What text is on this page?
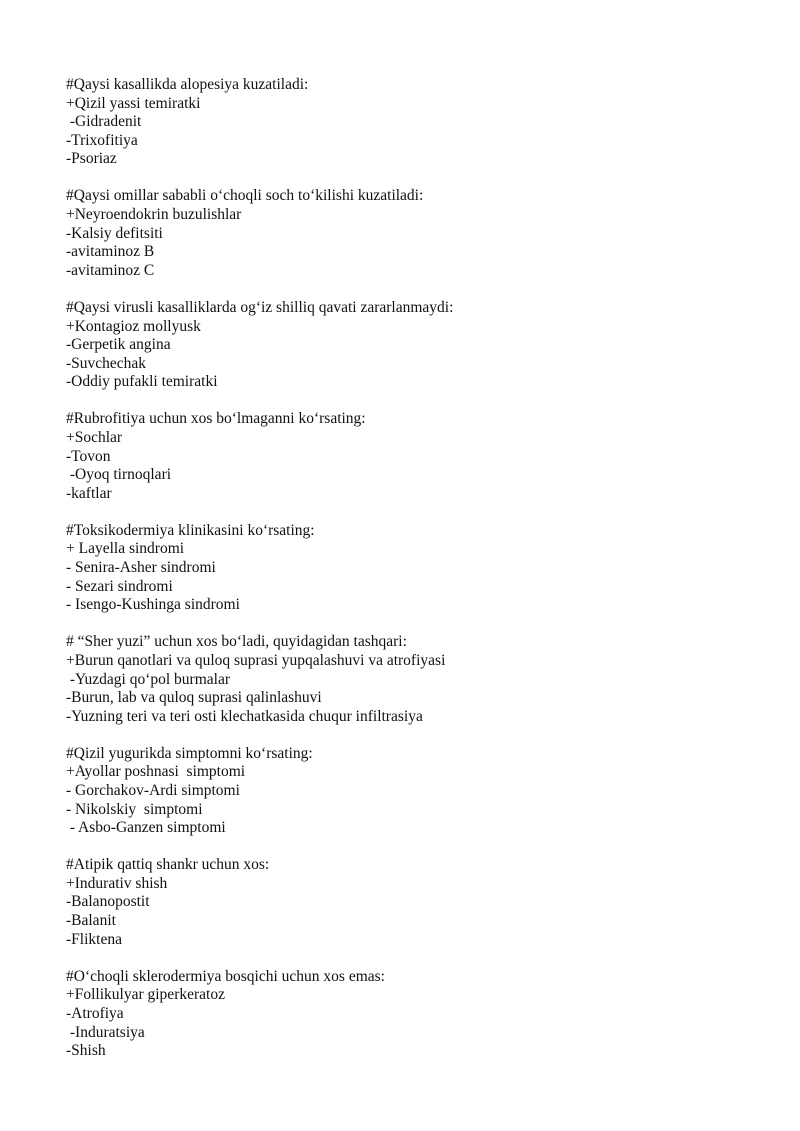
#Qaysi kasallikda alopesiya kuzatiladi:
+Qizil yassi temiratki
-Gidradenit
-Trixofitiya
-Psoriaz
#Qaysi omillar sababli o‘choqli soch to‘kilishi kuzatiladi:
+Neyroendokrin buzulishlar
-Kalsiy defitsiti
-avitaminoz B
-avitaminoz C
#Qaysi virusli kasalliklarda og‘iz shilliq qavati zararlanmaydi:
+Kontagioz mollyusk
-Gerpetik angina
-Suvchechak
-Oddiy pufakli temiratki
#Rubrofitiya uchun xos bo‘lmaganni ko‘rsating:
+Sochlar
-Tovon
-Oyoq tirnoqlari
-kaftlar
#Toksikodermiya klinikasini ko‘rsating:
+ Layella sindromi
- Senira-Asher sindromi
- Sezari sindromi
- Isengo-Kushinga sindromi
# “Sher yuzi” uchun xos bo‘ladi, quyidagidan tashqari:
+Burun qanotlari va quloq suprasi yupqalashuvi va atrofiyasi
-Yuzdagi qo‘pol burmalar
-Burun, lab va quloq suprasi qalinlashuvi
-Yuzning teri va teri osti klechatkasida chuqur infiltrasiya
#Qizil yugurikda simptomni ko‘rsating:
+Ayollar poshnasi  simptomi
- Gorchakov-Ardi simptomi
- Nikolskiy  simptomi
- Asbo-Ganzen simptomi
#Atipik qattiq shankr uchun xos:
+Indurativ shish
-Balanopostit
-Balanit
-Fliktena
#O‘choqli sklerodermiya bosqichi uchun xos emas:
+Follikulyar giperkeratoz
-Atrofiya
-Induratsiya
-Shish
